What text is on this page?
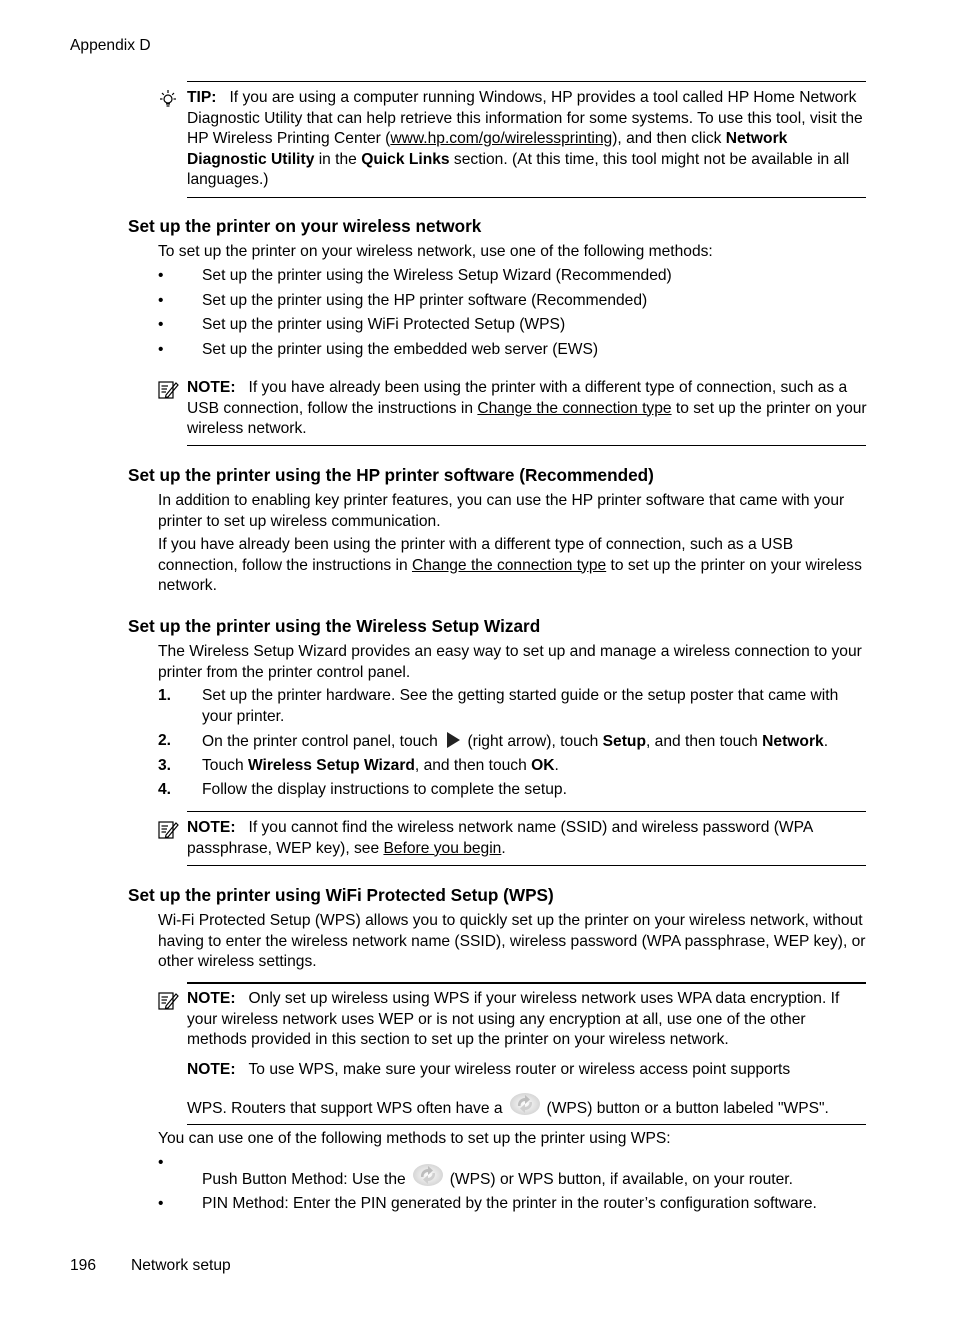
Appendix D
TIP: If you are using a computer running Windows, HP provides a tool called HP Home Network Diagnostic Utility that can help retrieve this information for some systems. To use this tool, visit the HP Wireless Printing Center (www.hp.com/go/wirelessprinting), and then click Network Diagnostic Utility in the Quick Links section. (At this time, this tool might not be available in all languages.)
Set up the printer on your wireless network
To set up the printer on your wireless network, use one of the following methods:
• Set up the printer using the Wireless Setup Wizard (Recommended)
• Set up the printer using the HP printer software (Recommended)
• Set up the printer using WiFi Protected Setup (WPS)
• Set up the printer using the embedded web server (EWS)
NOTE: If you have already been using the printer with a different type of connection, such as a USB connection, follow the instructions in Change the connection type to set up the printer on your wireless network.
Set up the printer using the HP printer software (Recommended)
In addition to enabling key printer features, you can use the HP printer software that came with your printer to set up wireless communication.
If you have already been using the printer with a different type of connection, such as a USB connection, follow the instructions in Change the connection type to set up the printer on your wireless network.
Set up the printer using the Wireless Setup Wizard
The Wireless Setup Wizard provides an easy way to set up and manage a wireless connection to your printer from the printer control panel.
1. Set up the printer hardware. See the getting started guide or the setup poster that came with your printer.
2. On the printer control panel, touch  (right arrow), touch Setup, and then touch Network.
3. Touch Wireless Setup Wizard, and then touch OK.
4. Follow the display instructions to complete the setup.
NOTE: If you cannot find the wireless network name (SSID) and wireless password (WPA passphrase, WEP key), see Before you begin.
Set up the printer using WiFi Protected Setup (WPS)
Wi-Fi Protected Setup (WPS) allows you to quickly set up the printer on your wireless network, without having to enter the wireless network name (SSID), wireless password (WPA passphrase, WEP key), or other wireless settings.
NOTE: Only set up wireless using WPS if your wireless network uses WPA data encryption. If your wireless network uses WEP or is not using any encryption at all, use one of the other methods provided in this section to set up the printer on your wireless network.
NOTE: To use WPS, make sure your wireless router or wireless access point supports
WPS. Routers that support WPS often have a	(WPS) button or a button labeled "WPS".
You can use one of the following methods to set up the printer using WPS:
•
Push Button Method: Use the	(WPS) or WPS button, if available, on your router.
• PIN Method: Enter the PIN generated by the printer in the router’s configuration software.
196 Network setup
